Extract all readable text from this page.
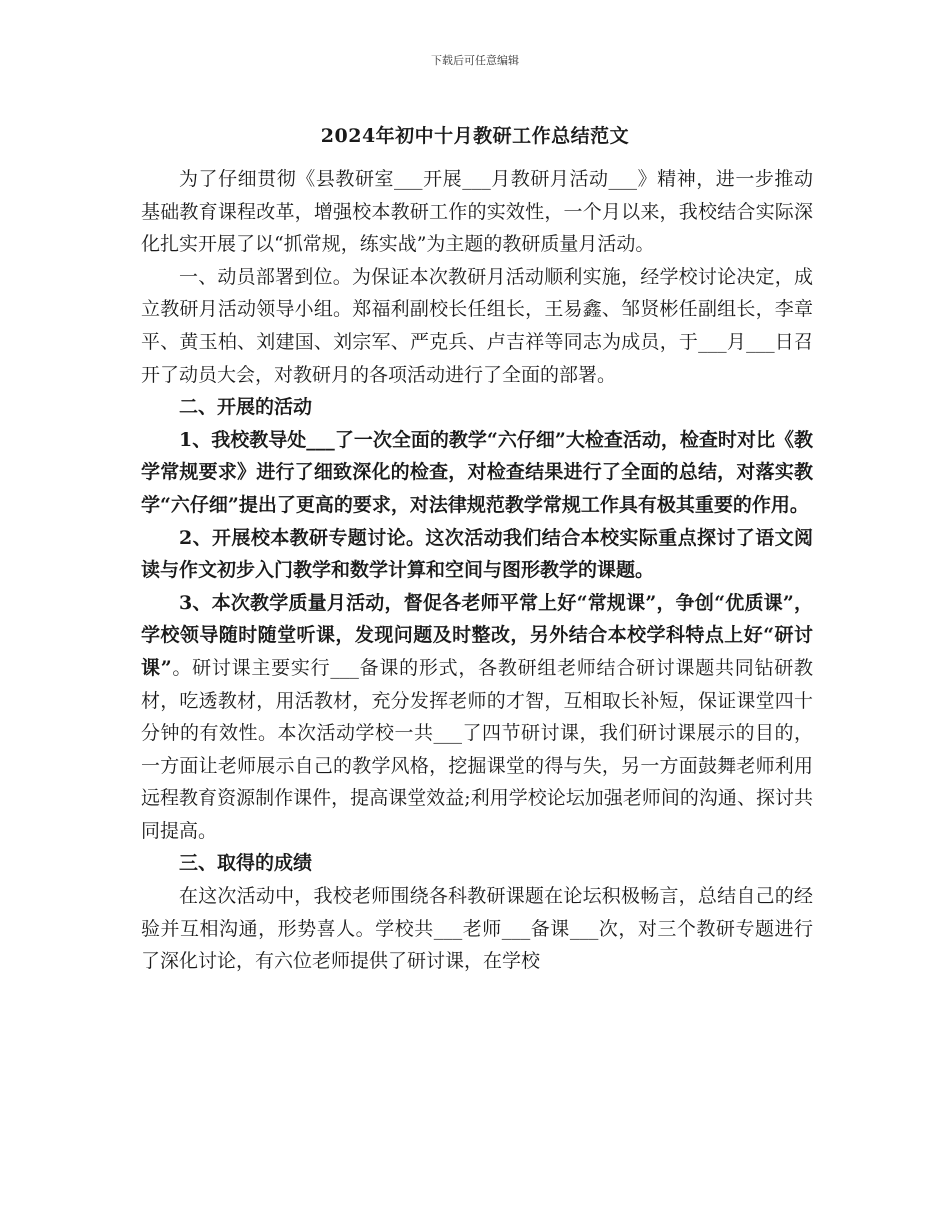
下载后可任意编辑
2024年初中十月教研工作总结范文

为了仔细贯彻《县教研室___开展___月教研月活动___》精神，进一步推动基础教育课程改革，增强校本教研工作的实效性，一个月以来，我校结合实际深化扎实开展了以“抓常规，练实战”为主题的教研质量月活动。

一、动员部署到位。为保证本次教研月活动顺利实施，经学校讨论决定，成立教研月活动领导小组。郑福利副校长任组长，王易鑫、邹贤彬任副组长，李章平、黄玉柏、刘建国、刘宗军、严克兵、卢吉祥等同志为成员，于___月___日召开了动员大会，对教研月的各项活动进行了全面的部署。

二、开展的活动

1、我校教导处___了一次全面的教学“六仔细”大检查活动，检查时对比《教学常规要求》进行了细致深化的检查，对检查结果进行了全面的总结，对落实教学“六仔细”提出了更高的要求，对法律规范教学常规工作具有极其重要的作用。

2、开展校本教研专题讨论。这次活动我们结合本校实际重点探讨了语文阅读与作文初步入门教学和数学计算和空间与图形教学的课题。

3、本次教学质量月活动，督促各老师平常上好“常规课”，争创“优质课”，学校领导随时随堂听课，发现问题及时整改，另外结合本校学科特点上好“研讨课”。研讨课主要实行___备课的形式，各教研组老师结合研讨课题共同钻研教材，吃透教材，用活教材，充分发挥老师的才智，互相取长补短，保证课堂四十分钟的有效性。本次活动学校一共___了四节研讨课，我们研讨课展示的目的，一方面让老师展示自己的教学风格，挖掘课堂的得与失，另一方面鼓舞老师利用远程教育资源制作课件，提高课堂效益;利用学校论坛加强老师间的沟通、探讨共同提高。

三、取得的成绩

在这次活动中，我校老师围绕各科教研课题在论坛积极畅言，总结自己的经验并互相沟通，形势喜人。学校共___老师___备课___次，对三个教研专题进行了深化讨论，有六位老师提供了研讨课，在学校
